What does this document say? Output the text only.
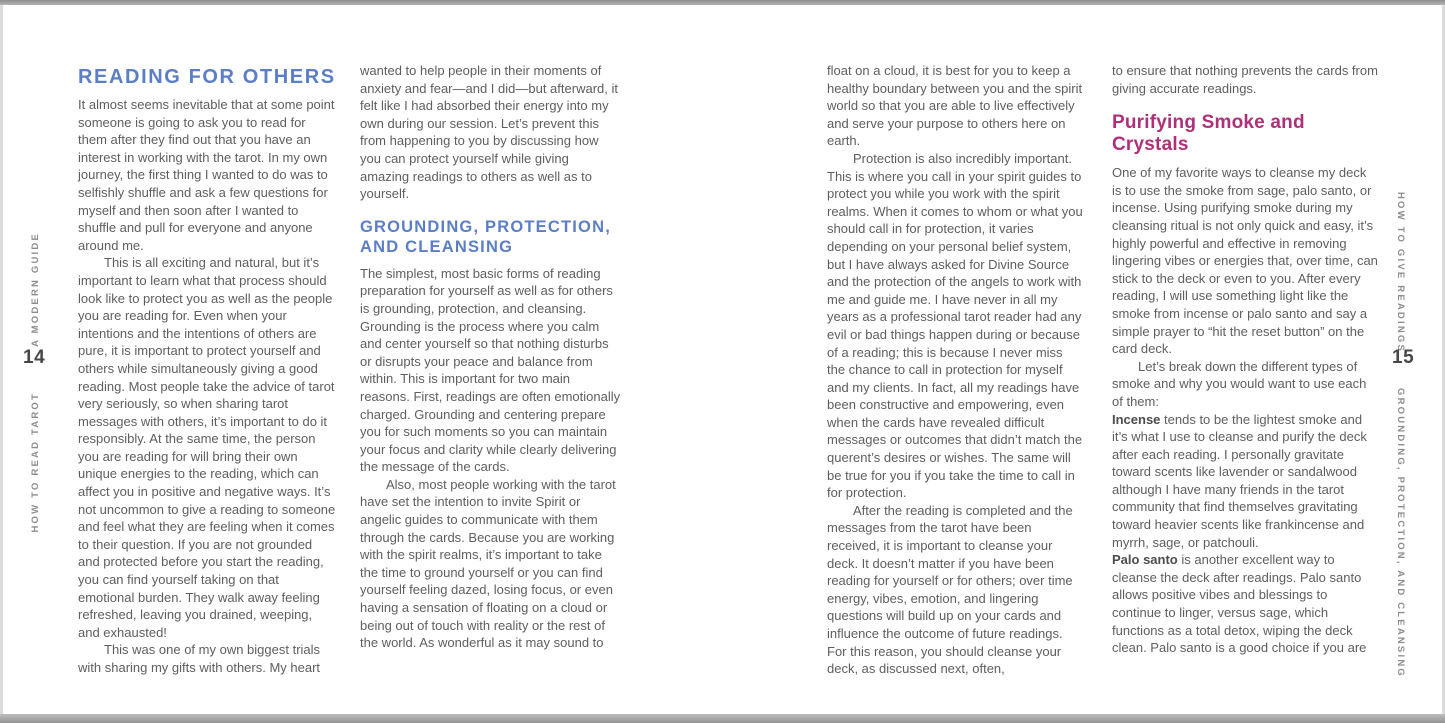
A MODERN GUIDE
14
HOW TO READ TAROT
READING FOR OTHERS

It almost seems inevitable that at some point someone is going to ask you to read for them after they find out that you have an interest in working with the tarot. In my own journey, the first thing I wanted to do was to selfishly shuffle and ask a few questions for myself and then soon after I wanted to shuffle and pull for everyone and anyone around me.

This is all exciting and natural, but it’s important to learn what that process should look like to protect you as well as the people you are reading for. Even when your intentions and the intentions of others are pure, it is important to protect yourself and others while simultaneously giving a good reading. Most people take the advice of tarot very seriously, so when sharing tarot messages with others, it’s important to do it responsibly. At the same time, the person you are reading for will bring their own unique energies to the reading, which can affect you in positive and negative ways. It’s not uncommon to give a reading to someone and feel what they are feeling when it comes to their question. If you are not grounded and protected before you start the reading, you can find yourself taking on that emotional burden. They walk away feeling refreshed, leaving you drained, weeping, and exhausted!

This was one of my own biggest trials with sharing my gifts with others. My heart

wanted to help people in their moments of anxiety and fear—and I did—but afterward, it felt like I had absorbed their energy into my own during our session. Let’s prevent this from happening to you by discussing how you can protect yourself while giving amazing readings to others as well as to yourself.

GROUNDING, PROTECTION, AND CLEANSING

The simplest, most basic forms of reading preparation for yourself as well as for others is grounding, protection, and cleansing. Grounding is the process where you calm and center yourself so that nothing disturbs or disrupts your peace and balance from within. This is important for two main reasons. First, readings are often emotionally charged. Grounding and centering prepare you for such moments so you can maintain your focus and clarity while clearly delivering the message of the cards.

Also, most people working with the tarot have set the intention to invite Spirit or angelic guides to communicate with them through the cards. Because you are working with the spirit realms, it’s important to take the time to ground yourself or you can find yourself feeling dazed, losing focus, or even having a sensation of floating on a cloud or being out of touch with reality or the rest of the world. As wonderful as it may sound to

float on a cloud, it is best for you to keep a healthy boundary between you and the spirit world so that you are able to live effectively and serve your purpose to others here on earth.

Protection is also incredibly important. This is where you call in your spirit guides to protect you while you work with the spirit realms. When it comes to whom or what you should call in for protection, it varies depending on your personal belief system, but I have always asked for Divine Source and the protection of the angels to work with me and guide me. I have never in all my years as a professional tarot reader had any evil or bad things happen during or because of a reading; this is because I never miss the chance to call in protection for myself and my clients. In fact, all my readings have been constructive and empowering, even when the cards have revealed difficult messages or outcomes that didn’t match the querent’s desires or wishes. The same will be true for you if you take the time to call in for protection.

After the reading is completed and the messages from the tarot have been received, it is important to cleanse your deck. It doesn’t matter if you have been reading for yourself or for others; over time energy, vibes, emotion, and lingering questions will build up on your cards and influence the outcome of future readings. For this reason, you should cleanse your deck, as discussed next, often,

to ensure that nothing prevents the cards from giving accurate readings.

Purifying Smoke and Crystals

One of my favorite ways to cleanse my deck is to use the smoke from sage, palo santo, or incense. Using purifying smoke during my cleansing ritual is not only quick and easy, it’s highly powerful and effective in removing lingering vibes or energies that, over time, can stick to the deck or even to you. After every reading, I will use something light like the smoke from incense or palo santo and say a simple prayer to “hit the reset button” on the card deck.

Let’s break down the different types of smoke and why you would want to use each of them:

Incense tends to be the lightest smoke and it’s what I use to cleanse and purify the deck after each reading. I personally gravitate toward scents like lavender or sandalwood although I have many friends in the tarot community that find themselves gravitating toward heavier scents like frankincense and myrrh, sage, or patchouli.

Palo santo is another excellent way to cleanse the deck after readings. Palo santo allows positive vibes and blessings to continue to linger, versus sage, which functions as a total detox, wiping the deck clean. Palo santo is a good choice if you are

HOW TO GIVE READINGS
15
GROUNDING, PROTECTION, AND CLEANSING
